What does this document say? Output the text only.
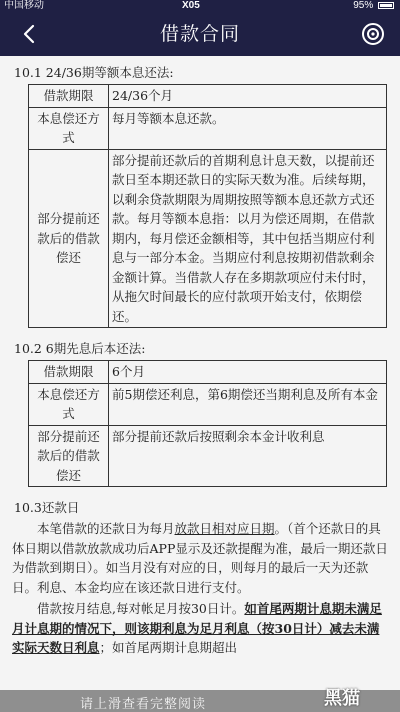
中国移动	X05	95%
借款合同
10.1 24/36期等额本息还法:
借款期限	24/36个月
本息偿还方式	每月等额本息还款。
部分提前还款后的借款偿还	部分提前还款后的首期利息计息天数，以提前还款日至本期还款日的实际天数为准。后续每期，以剩余贷款期限为周期按照等额本息还款方式还款。每月等额本息指：以月为偿还周期，在借款期内，每月偿还金额相等，其中包括当期应付利息与一部分本金。当期应付利息按期初借款剩余金额计算。当借款人存在多期款项应付未付时，从拖欠时间最长的应付款项开始支付，依期偿还。
10.2 6期先息后本还法:
借款期限	6个月
本息偿还方式	前5期偿还利息，第6期偿还当期利息及所有本金
部分提前还款后的借款偿还	部分提前还款后按照剩余本金计收利息
10.3还款日

本笔借款的还款日为每月放款日相对应日期。（首个还款日的具体日期以借款放款成功后APP显示及还款提醒为准，最后一期还款日为借款到期日）。如当月没有对应的日，则每月的最后一天为还款日。利息、本金均应在该还款日进行支付。

借款按月结息,每对帐足月按30日计。如首尾两期计息期未满足月计息期的情况下，则该期利息为足月利息（按30日计）减去未满实际天数日利息；如首尾两期计息期超出

请上滑查看完整阅读	黑猫
